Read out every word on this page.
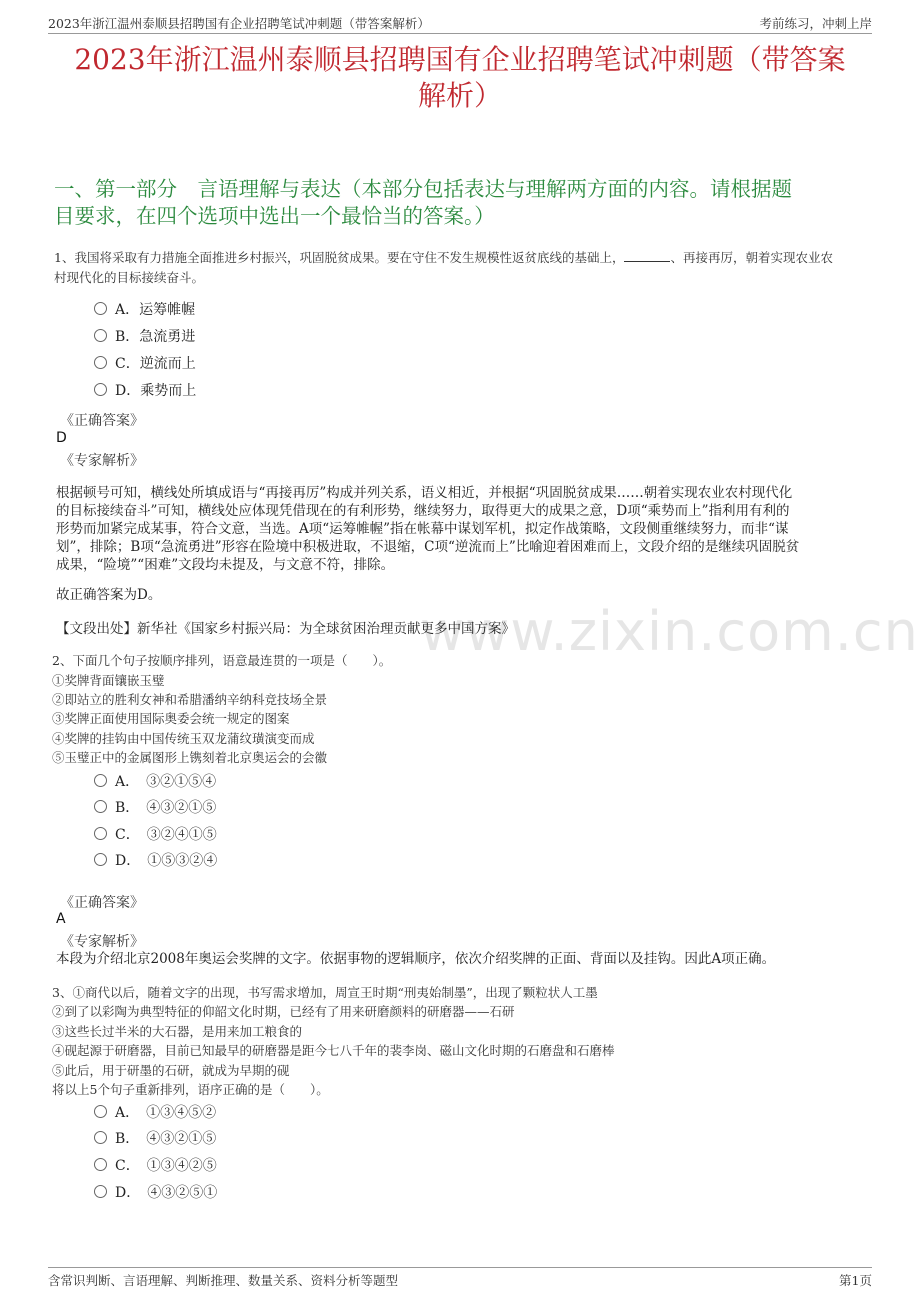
2023年浙江温州泰顺县招聘国有企业招聘笔试冲刺题（带答案解析）	考前练习，冲刺上岸
www.zixin.com.cn
2023年浙江温州泰顺县招聘国有企业招聘笔试冲刺题（带答案
解析）
一、第一部分　言语理解与表达（本部分包括表达与理解两方面的内容。请根据题
目要求，在四个选项中选出一个最恰当的答案。）
1、我国将采取有力措施全面推进乡村振兴，巩固脱贫成果。要在守住不发生规模性返贫底线的基础上，	、再接再厉，朝着实现农业农
村现代化的目标接续奋斗。
A．运筹帷幄
B．急流勇进
C．逆流而上
D．乘势而上
《正确答案》
D
《专家解析》
根据顿号可知，横线处所填成语与“再接再厉”构成并列关系，语义相近，并根据“巩固脱贫成果……朝着实现农业农村现代化
的目标接续奋斗”可知，横线处应体现凭借现在的有利形势，继续努力，取得更大的成果之意，D项“乘势而上”指利用有利的
形势而加紧完成某事，符合文意，当选。A项“运筹帷幄”指在帐幕中谋划军机，拟定作战策略，文段侧重继续努力，而非“谋
划”，排除；B项“急流勇进”形容在险境中积极进取，不退缩，C项“逆流而上”比喻迎着困难而上，文段介绍的是继续巩固脱贫
成果，“险境”“困难”文段均未提及，与文意不符，排除。
故正确答案为D。
【文段出处】新华社《国家乡村振兴局：为全球贫困治理贡献更多中国方案》
2、下面几个句子按顺序排列，语意最连贯的一项是（　　）。
①奖牌背面镶嵌玉璧
②即站立的胜利女神和希腊潘纳辛纳科竞技场全景
③奖牌正面使用国际奥委会统一规定的图案
④奖牌的挂钩由中国传统玉双龙蒲纹璜演变而成
⑤玉璧正中的金属图形上镌刻着北京奥运会的会徽
A．　③②①⑤④
B．　④③②①⑤
C．　③②④①⑤
D．　①⑤③②④
《正确答案》
A
《专家解析》
本段为介绍北京2008年奥运会奖牌的文字。依据事物的逻辑顺序，依次介绍奖牌的正面、背面以及挂钩。因此A项正确。
3、①商代以后，随着文字的出现，书写需求增加，周宣王时期“刑夷始制墨”，出现了颗粒状人工墨
②到了以彩陶为典型特征的仰韶文化时期，已经有了用来研磨颜料的研磨器——石研
③这些长过半米的大石器，是用来加工粮食的
④砚起源于研磨器，目前已知最早的研磨器是距今七八千年的裴李岗、磁山文化时期的石磨盘和石磨棒
⑤此后，用于研墨的石研，就成为早期的砚
将以上5个句子重新排列，语序正确的是（　　）。
A．　①③④⑤②
B．　④③②①⑤
C．　①③④②⑤
D．　④③②⑤①
含常识判断、言语理解、判断推理、数量关系、资料分析等题型	第1页
